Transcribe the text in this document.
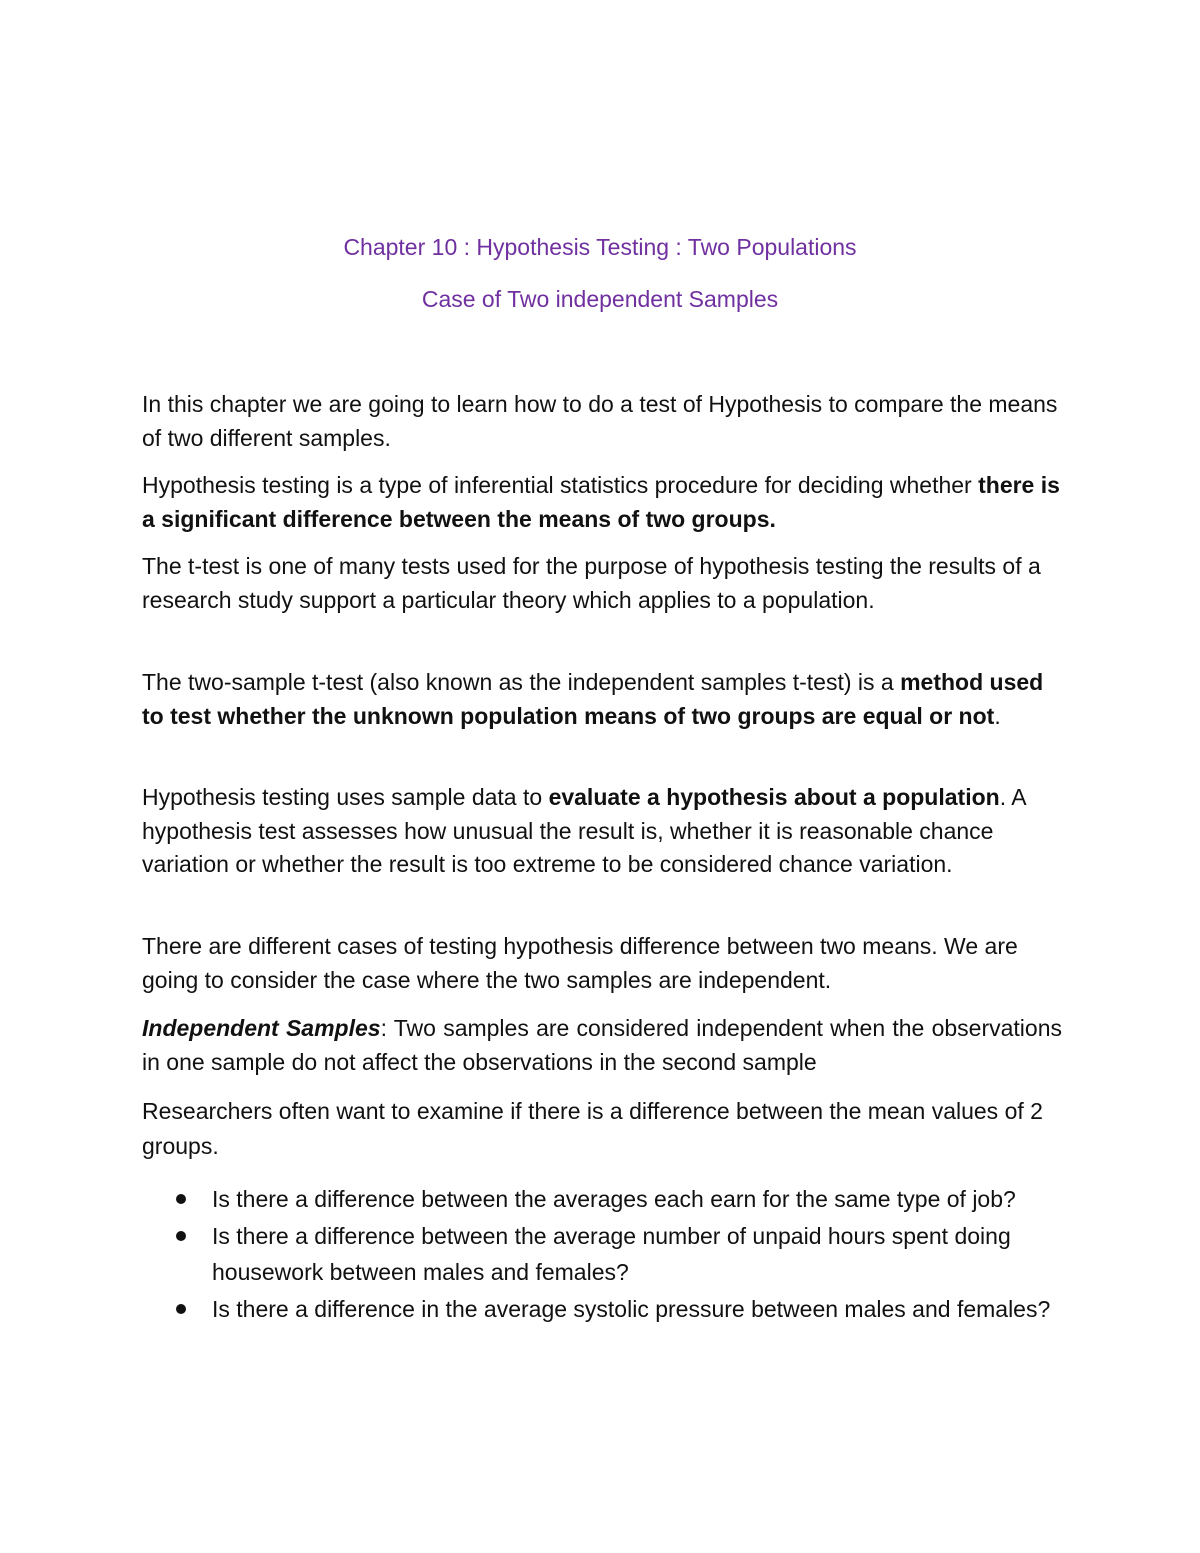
Chapter 10 : Hypothesis Testing : Two Populations
Case of Two independent Samples

In this chapter we are going to learn how to do a test of Hypothesis to compare the means of two different samples.

Hypothesis testing is a type of inferential statistics procedure for deciding whether there is a significant difference between the means of two groups.

The t-test is one of many tests used for the purpose of hypothesis testing the results of a research study support a particular theory which applies to a population.

The two-sample t-test (also known as the independent samples t-test) is a method used to test whether the unknown population means of two groups are equal or not.

Hypothesis testing uses sample data to evaluate a hypothesis about a population. A hypothesis test assesses how unusual the result is, whether it is reasonable chance variation or whether the result is too extreme to be considered chance variation.

There are different cases of testing hypothesis difference between two means. We are going to consider the case where the two samples are independent.

Independent Samples: Two samples are considered independent when the observations in one sample do not affect the observations in the second sample

Researchers often want to examine if there is a difference between the mean values of 2 groups.

Is there a difference between the averages each earn for the same type of job?
Is there a difference between the average number of unpaid hours spent doing housework between males and females?
Is there a difference in the average systolic pressure between males and females?
